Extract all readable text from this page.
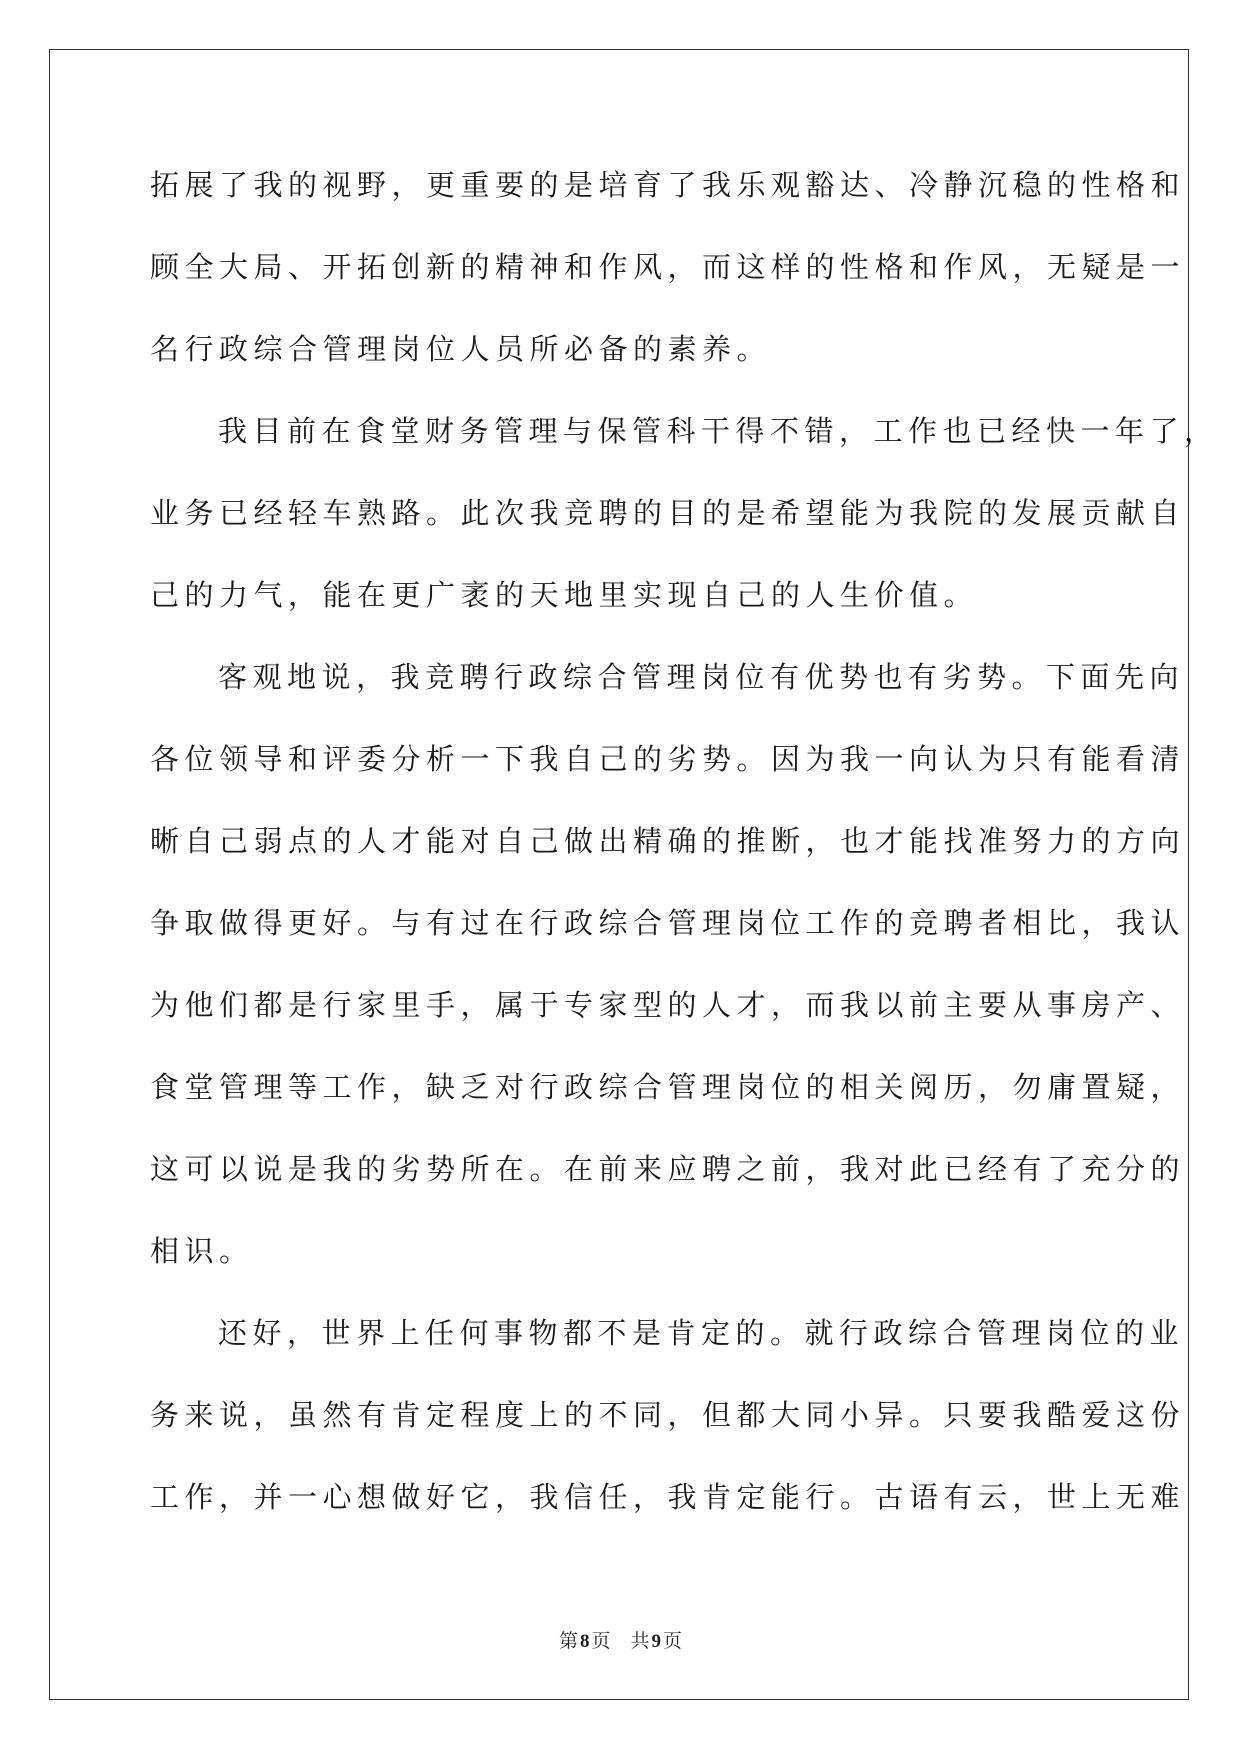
拓展了我的视野，更重要的是培育了我乐观豁达、冷静沉稳的性格和
顾全大局、开拓创新的精神和作风，而这样的性格和作风，无疑是一
名行政综合管理岗位人员所必备的素养。
我目前在食堂财务管理与保管科干得不错，工作也已经快一年了，
业务已经轻车熟路。此次我竞聘的目的是希望能为我院的发展贡献自
己的力气，能在更广袤的天地里实现自己的人生价值。
客观地说，我竞聘行政综合管理岗位有优势也有劣势。下面先向
各位领导和评委分析一下我自己的劣势。因为我一向认为只有能看清
晰自己弱点的人才能对自己做出精确的推断，也才能找准努力的方向
争取做得更好。与有过在行政综合管理岗位工作的竞聘者相比，我认
为他们都是行家里手，属于专家型的人才，而我以前主要从事房产、
食堂管理等工作，缺乏对行政综合管理岗位的相关阅历，勿庸置疑，
这可以说是我的劣势所在。在前来应聘之前，我对此已经有了充分的
相识。
还好，世界上任何事物都不是肯定的。就行政综合管理岗位的业
务来说，虽然有肯定程度上的不同，但都大同小异。只要我酷爱这份
工作，并一心想做好它，我信任，我肯定能行。古语有云，世上无难
第 8 页 共 9 页
